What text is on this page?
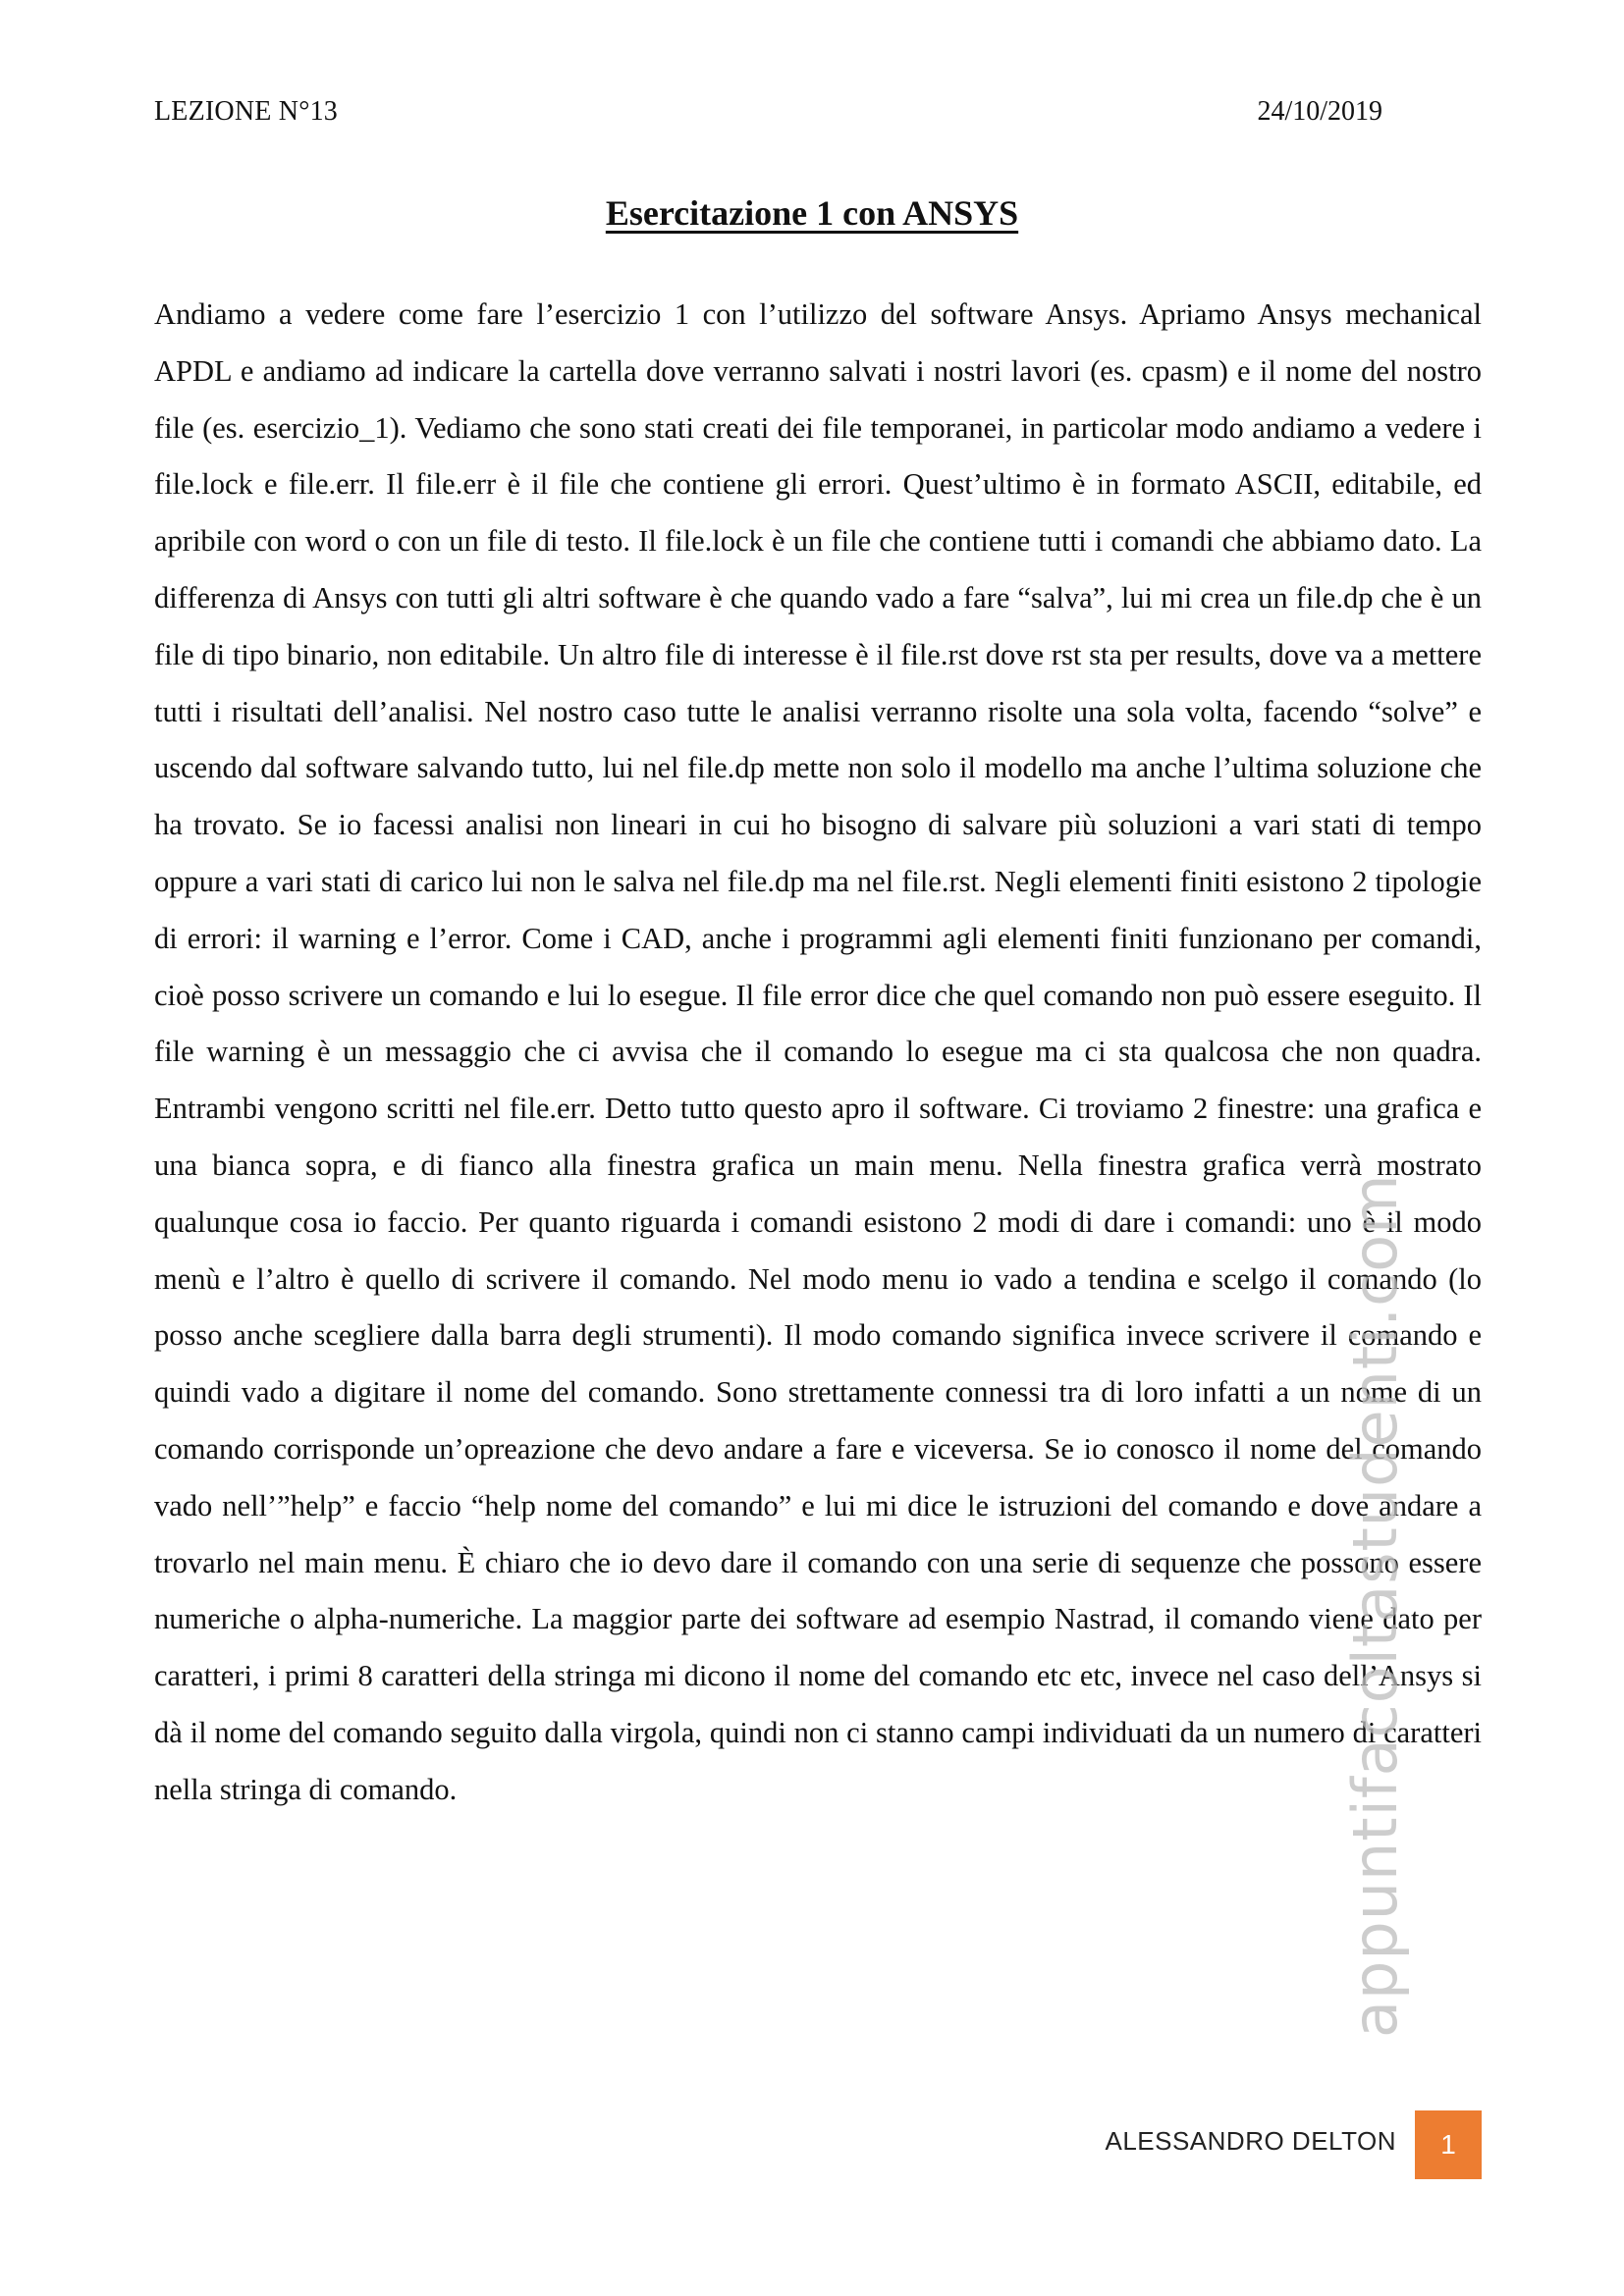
LEZIONE N°13	24/10/2019
Esercitazione 1 con ANSYS
Andiamo a vedere come fare l’esercizio 1 con l’utilizzo del software Ansys. Apriamo Ansys mechanical APDL e andiamo ad indicare la cartella dove verranno salvati i nostri lavori (es. cpasm) e il nome del nostro file (es. esercizio_1). Vediamo che sono stati creati dei file temporanei, in particolar modo andiamo a vedere i file.lock e file.err. Il file.err è il file che contiene gli errori. Quest’ultimo è in formato ASCII, editabile, ed apribile con word o con un file di testo. Il file.lock è un file che contiene tutti i comandi che abbiamo dato. La differenza di Ansys con tutti gli altri software è che quando vado a fare “salva”, lui mi crea un file.dp che è un file di tipo binario, non editabile. Un altro file di interesse è il file.rst dove rst sta per results, dove va a mettere tutti i risultati dell’analisi. Nel nostro caso tutte le analisi verranno risolte una sola volta, facendo “solve” e uscendo dal software salvando tutto, lui nel file.dp mette non solo il modello ma anche l’ultima soluzione che ha trovato. Se io facessi analisi non lineari in cui ho bisogno di salvare più soluzioni a vari stati di tempo oppure a vari stati di carico lui non le salva nel file.dp ma nel file.rst. Negli elementi finiti esistono 2 tipologie di errori: il warning e l’error. Come i CAD, anche i programmi agli elementi finiti funzionano per comandi, cioè posso scrivere un comando e lui lo esegue. Il file error dice che quel comando non può essere eseguito. Il file warning è un messaggio che ci avvisa che il comando lo esegue ma ci sta qualcosa che non quadra. Entrambi vengono scritti nel file.err. Detto tutto questo apro il software. Ci troviamo 2 finestre: una grafica e una bianca sopra, e di fianco alla finestra grafica un main menu. Nella finestra grafica verrà mostrato qualunque cosa io faccio. Per quanto riguarda i comandi esistono 2 modi di dare i comandi: uno è il modo menù e l’altro è quello di scrivere il comando. Nel modo menu io vado a tendina e scelgo il comando (lo posso anche scegliere dalla barra degli strumenti). Il modo comando significa invece scrivere il comando e quindi vado a digitare il nome del comando. Sono strettamente connessi tra di loro infatti a un nome di un comando corrisponde un’opreazione che devo andare a fare e viceversa. Se io conosco il nome del comando vado nell’”help” e faccio “help nome del comando” e lui mi dice le istruzioni del comando e dove andare a trovarlo nel main menu. È chiaro che io devo dare il comando con una serie di sequenze che possono essere numeriche o alpha-numeriche. La maggior parte dei software ad esempio Nastrad, il comando viene dato per caratteri, i primi 8 caratteri della stringa mi dicono il nome del comando etc etc, invece nel caso dell’Ansys si dà il nome del comando seguito dalla virgola, quindi non ci stanno campi individuati da un numero di caratteri nella stringa di comando.	appuntifacoltastudenti.com
ALESSANDRO DELTON	1
